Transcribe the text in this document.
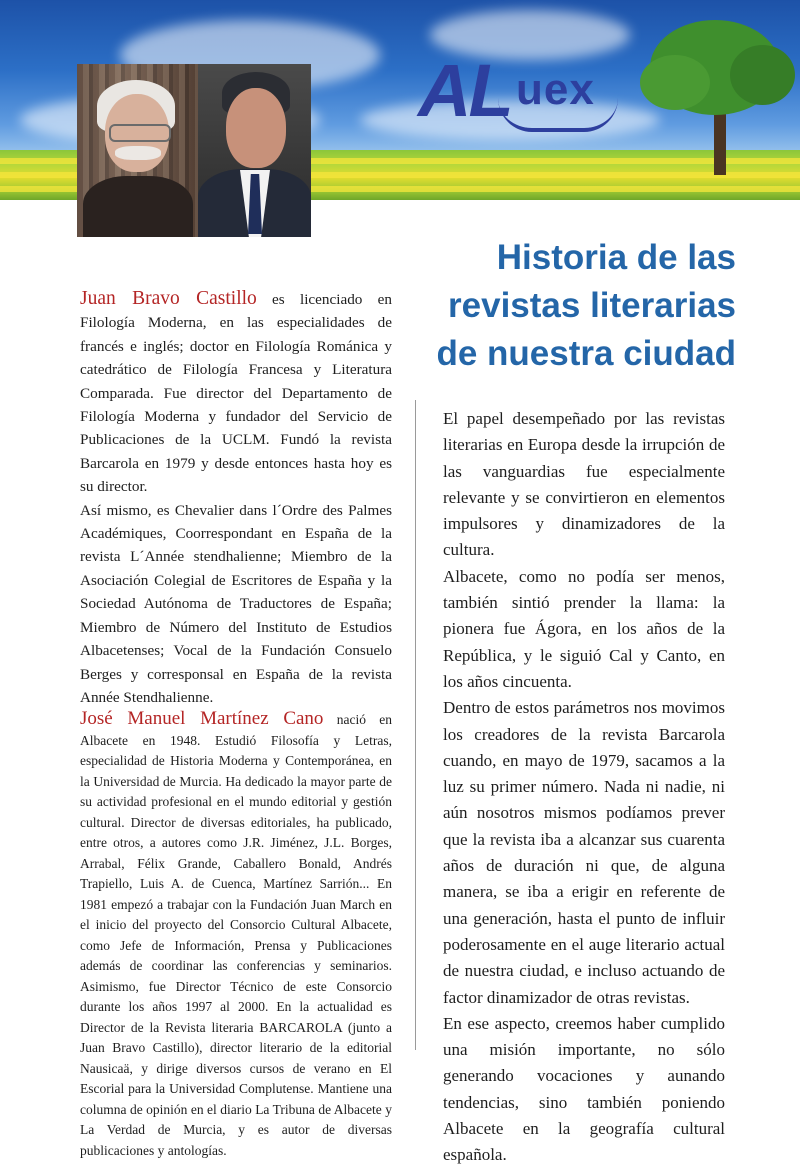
AL uex
Historia de las
revistas literarias
de nuestra ciudad

Juan Bravo Castillo es licenciado en Filología Moderna, en las especialidades de francés e inglés; doctor en Filología Románica y catedrático de Filología Francesa y Literatura Comparada. Fue director del Departamento de Filología Moderna y fundador del Servicio de Publicaciones de la UCLM. Fundó la revista Barcarola en 1979 y desde entonces hasta hoy es su director.

Así mismo, es Chevalier dans l´Ordre des Palmes Académiques, Coorrespondant en España de la revista L´Année stendhalienne; Miembro de la Asociación Colegial de Escritores de España y la Sociedad Autónoma de Traductores de España; Miembro de Número del Instituto de Estudios Albacetenses; Vocal de la Fundación Consuelo Berges y corresponsal en España de la revista Année Stendhalienne.

José Manuel Martínez Cano nació en Albacete en 1948. Estudió Filosofía y Letras, especialidad de Historia Moderna y Contemporánea, en la Universidad de Murcia. Ha dedicado la mayor parte de su actividad profesional en el mundo editorial y gestión cultural. Director de diversas editoriales, ha publicado, entre otros, a autores como J.R. Jiménez, J.L. Borges, Arrabal, Félix Grande, Caballero Bonald, Andrés Trapiello, Luis A. de Cuenca, Martínez Sarrión... En 1981 empezó a trabajar con la Fundación Juan March en el inicio del proyecto del Consorcio Cultural Albacete, como Jefe de Información, Prensa y Publicaciones además de coordinar las conferencias y seminarios. Asimismo, fue Director Técnico de este Consorcio durante los años 1997 al 2000. En la actualidad es Director de la Revista literaria BARCAROLA (junto a Juan Bravo Castillo), director literario de la editorial Nausicaä, y dirige diversos cursos de verano en El Escorial para la Universidad Complutense. Mantiene una columna de opinión en el diario La Tribuna de Albacete y La Verdad de Murcia, y es autor de diversas publicaciones y antologías.

El papel desempeñado por las revistas literarias en Europa desde la irrupción de las vanguardias fue especialmente relevante y se convirtieron en elementos impulsores y dinamizadores de la cultura.

Albacete, como no podía ser menos, también sintió prender la llama: la pionera fue Ágora, en los años de la República, y le siguió Cal y Canto, en los años cincuenta.

Dentro de estos parámetros nos movimos los creadores de la revista Barcarola cuando, en mayo de 1979, sacamos a la luz su primer número. Nada ni nadie, ni aún nosotros mismos podíamos prever que la revista iba a alcanzar sus cuarenta años de duración ni que, de alguna manera, se iba a erigir en referente de una generación, hasta el punto de influir poderosamente en el auge literario actual de nuestra ciudad, e incluso actuando de factor dinamizador de otras revistas.

En ese aspecto, creemos haber cumplido una misión importante, no sólo generando vocaciones y aunando tendencias, sino también poniendo Albacete en la geografía cultural española.
